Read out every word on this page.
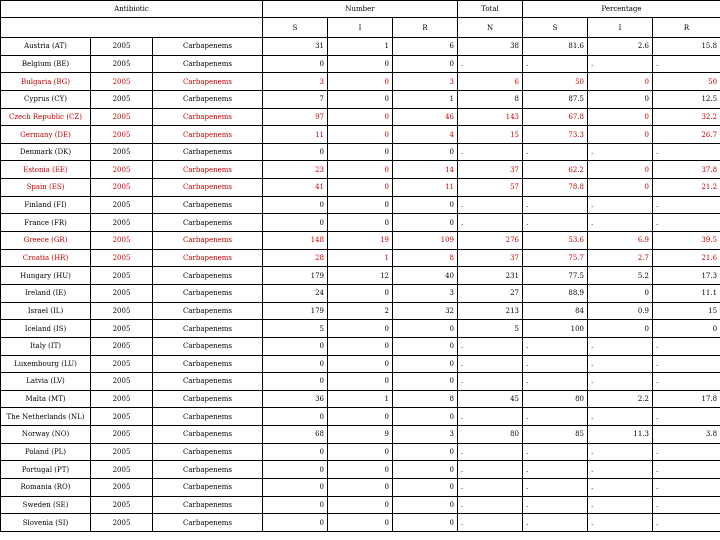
Antibiotic			Number			Total	Percentage		
			S	I	R	N	S	I	R
Austria (AT)	2005	Carbapenems	31	1	6	38	81.6	2.6	15.8
Belgium (BE)	2005	Carbapenems	0	0	0	.	.	.	.
Bulgaria (BG)	2005	Carbapenems	3	0	3	6	50	0	50
Cyprus (CY)	2005	Carbapenems	7	0	1	8	87.5	0	12.5
Czech Republic (CZ)	2005	Carbapenems	97	0	46	143	67.8	0	32.2
Germany (DE)	2005	Carbapenems	11	0	4	15	73.3	0	26.7
Denmark (DK)	2005	Carbapenems	0	0	0	.	.	.	.
Estonia (EE)	2005	Carbapenems	23	0	14	37	62.2	0	37.8
Spain (ES)	2005	Carbapenems	41	0	11	57	78.8	0	21.2
Finland (FI)	2005	Carbapenems	0	0	0	.	.	.	.
France (FR)	2005	Carbapenems	0	0	0	.	.	.	.
Greece (GR)	2005	Carbapenems	148	19	109	276	53.6	6.9	39.5
Croatia (HR)	2005	Carbapenems	28	1	8	37	75.7	2.7	21.6
Hungary (HU)	2005	Carbapenems	179	12	40	231	77.5	5.2	17.3
Ireland (IE)	2005	Carbapenems	24	0	3	27	88.9	0	11.1
Israel (IL)	2005	Carbapenems	179	2	32	213	84	0.9	15
Iceland (IS)	2005	Carbapenems	5	0	0	5	100	0	0
Italy (IT)	2005	Carbapenems	0	0	0	.	.	.	.
Luxembourg (LU)	2005	Carbapenems	0	0	0	.	.	.	.
Latvia (LV)	2005	Carbapenems	0	0	0	.	.	.	.
Malta (MT)	2005	Carbapenems	36	1	8	45	80	2.2	17.8
The Netherlands (NL)	2005	Carbapenems	0	0	0	.	.	.	.
Norway (NO)	2005	Carbapenems	68	9	3	80	85	11.3	3.8
Poland (PL)	2005	Carbapenems	0	0	0	.	.	.	.
Portugal (PT)	2005	Carbapenems	0	0	0	.	.	.	.
Romania (RO)	2005	Carbapenems	0	0	0	.	.	.	.
Sweden (SE)	2005	Carbapenems	0	0	0	.	.	.	.
Slovenia (SI)	2005	Carbapenems	0	0	0	.	.	.	.
